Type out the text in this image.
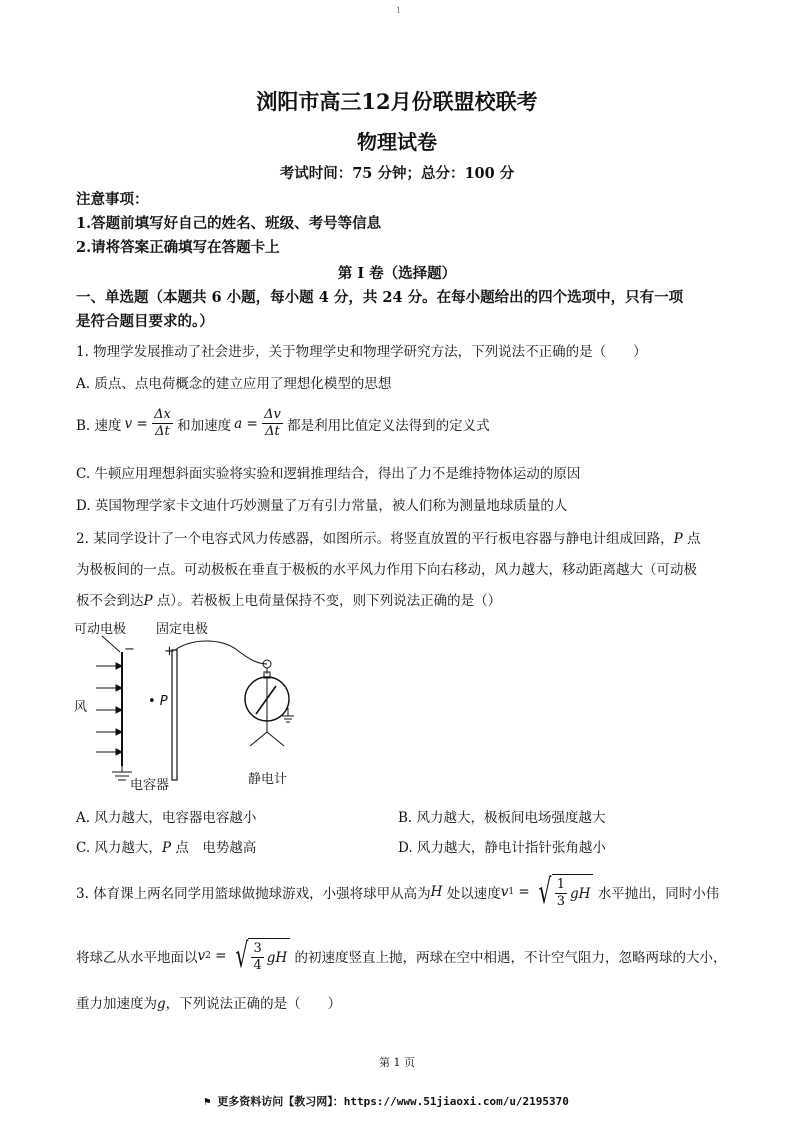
1
浏阳市高三12月份联盟校联考
物理试卷
考试时间：75 分钟；总分：100 分
注意事项：
1.答题前填写好自己的姓名、班级、考号等信息
2.请将答案正确填写在答题卡上
第 I 卷（选择题）
一、单选题（本题共 6 小题，每小题 4 分，共 24 分。在每小题给出的四个选项中，只有一项
是符合题目要求的。）
1. 物理学发展推动了社会进步，关于物理学史和物理学研究方法，下列说法不正确的是（　　）
A. 质点、点电荷概念的建立应用了理想化模型的思想
B. 速度 $v = \frac{\Delta x}{\Delta t}$ 和加速度 $a = \frac{\Delta v}{\Delta t}$ 都是利用比值定义法得到的定义式
C. 牛顿应用理想斜面实验将实验和逻辑推理结合，得出了力不是维持物体运动的原因
D. 英国物理学家卡文迪什巧妙测量了万有引力常量，被人们称为测量地球质量的人
2. 某同学设计了一个电容式风力传感器，如图所示。将竖直放置的平行板电容器与静电计组成回路，P 点
为极板间的一点。可动极板在垂直于极板的水平风力作用下向右移动，风力越大，移动距离越大（可动极
板不会到达P 点）。若极板上电荷量保持不变，则下列说法正确的是（）
可动电极 固定电极
风	• P
电容器	静电计
− +
A. 风力越大，电容器电容越小	B. 风力越大，极板间电场强度越大
C. 风力越大，P 点　电势越高	D. 风力越大，静电计指针张角越小
3. 体育课上两名同学用篮球做抛球游戏，小强将球甲从高为 H 处以速度 v 1 = √ $\frac{1}{3}$ gH 水平抛出，同时小伟
将球乙从水平地面以 v 2 = √ $\frac{3}{4}$ gH 的初速度竖直上抛，两球在空中相遇，不计空气阻力，忽略两球的大小，
重力加速度为g，下列说法正确的是（　　）
第 1 页
⚑ 更多资料访问【教习网】：https://www.51jiaoxi.com/u/2195370
